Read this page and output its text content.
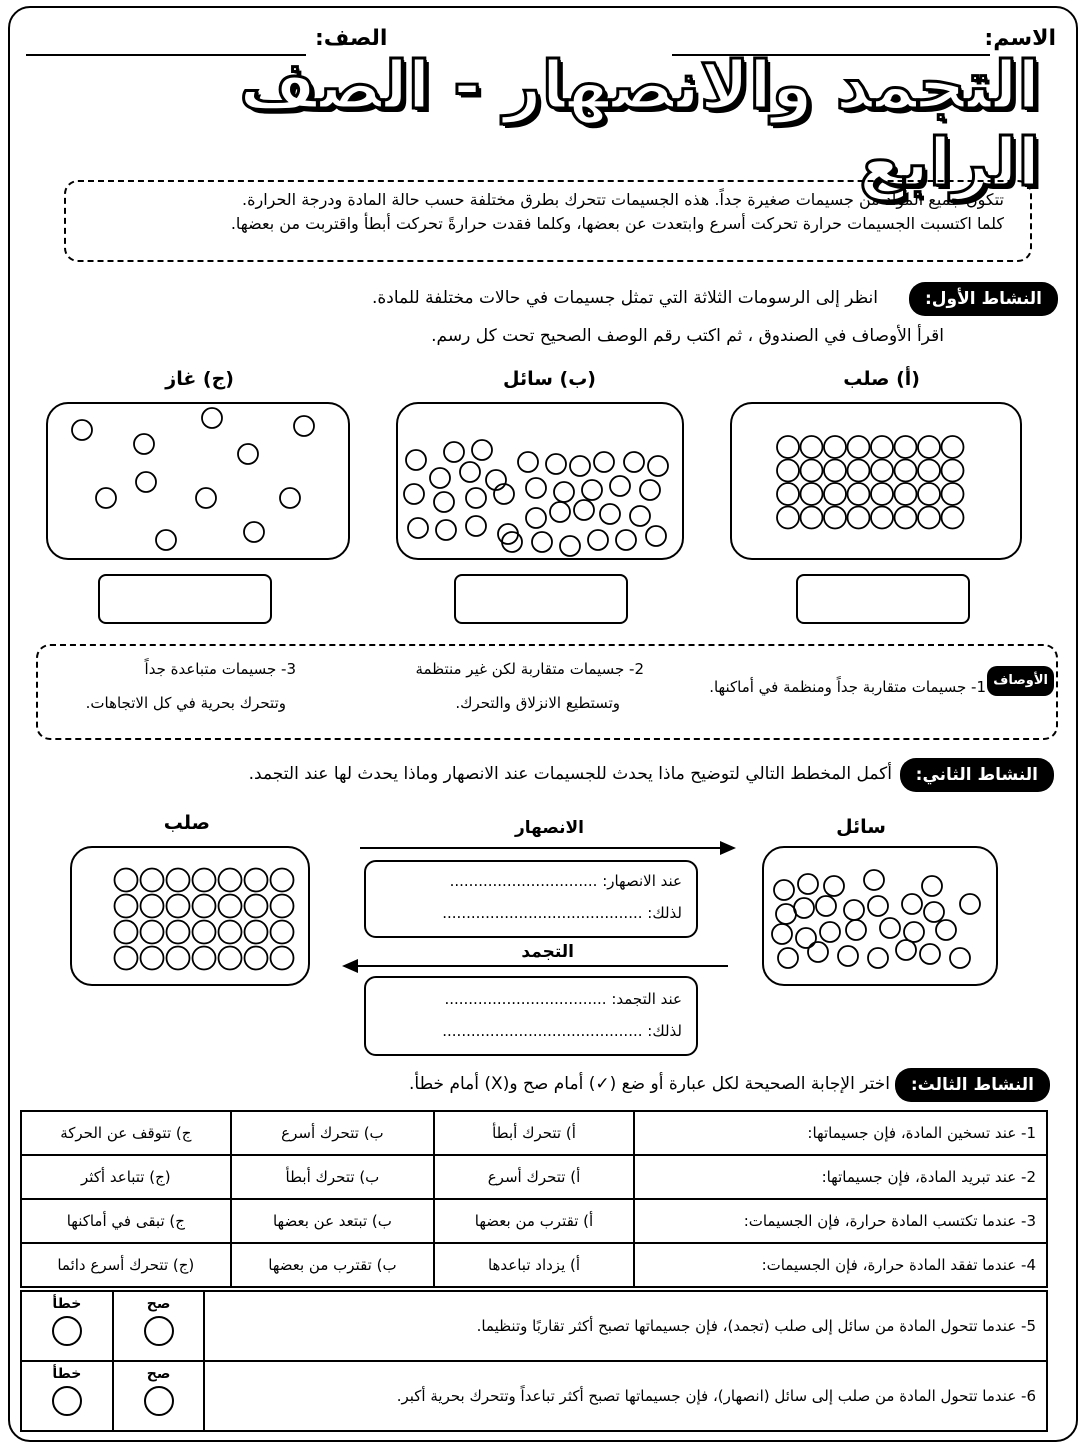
الاسم:
الصف:
التجمد والانصهار - الصف الرابع
تتكون جميع المواد من جسيمات صغيرة جداً. هذه الجسيمات تتحرك بطرق مختلفة حسب حالة المادة ودرجة الحرارة.
كلما اكتسبت الجسيمات حرارة تحركت أسرع وابتعدت عن بعضها، وكلما فقدت حرارةً تحركت أبطأ واقتربت من بعضها.
النشاط الأول:
انظر إلى الرسومات الثلاثة التي تمثل جسيمات في حالات مختلفة للمادة.
اقرأ الأوصاف في الصندوق ، ثم اكتب رقم الوصف الصحيح تحت كل رسم.
(أ) صلب
(ب) سائل
(ج) غاز
الأوصاف
1- جسيمات متقاربة جداً ومنظمة في أماكنها.
2- جسيمات متقاربة لكن غير منتظمة
وتستطيع الانزلاق والتحرك.
3- جسيمات متباعدة جداً
وتتحرك بحرية في كل الاتجاهات.
النشاط الثاني:
أكمل المخطط التالي لتوضيح ماذا يحدث للجسيمات عند الانصهار وماذا يحدث لها عند التجمد.
سائل
صلب	الانصهار
عند الانصهار: ...............................
لذلك: ..........................................
التجمد
عند التجمد: ..................................
لذلك: ..........................................
النشاط الثالث:
اختر الإجابة الصحيحة لكل عبارة أو ضع (✓) أمام صح و(X) أمام خطأ.
1- عند تسخين المادة، فإن جسيماتها:	أ) تتحرك أبطأ	ب) تتحرك أسرع	ج) تتوقف عن الحركة
2- عند تبريد المادة، فإن جسيماتها:	أ) تتحرك أسرع	ب) تتحرك أبطأ	(ج) تتباعد أكثر
3- عندما تكتسب المادة حرارة، فإن الجسيمات:	أ) تقترب من بعضها	ب) تبتعد عن بعضها	ج) تبقى في أماكنها
4- عندما تفقد المادة حرارة، فإن الجسيمات:	أ) يزداد تباعدها	ب) تقترب من بعضها	(ج) تتحرك أسرع دائما
5- عندما تتحول المادة من سائل إلى صلب (تجمد)، فإن جسيماتها تصبح أكثر تقاربًا وتنظيما.	صح	خطأ

6- عندما تتحول المادة من صلب إلى سائل (انصهار)، فإن جسيماتها تصبح أكثر تباعداً وتتحرك بحرية أكبر.	صح	خطأ
